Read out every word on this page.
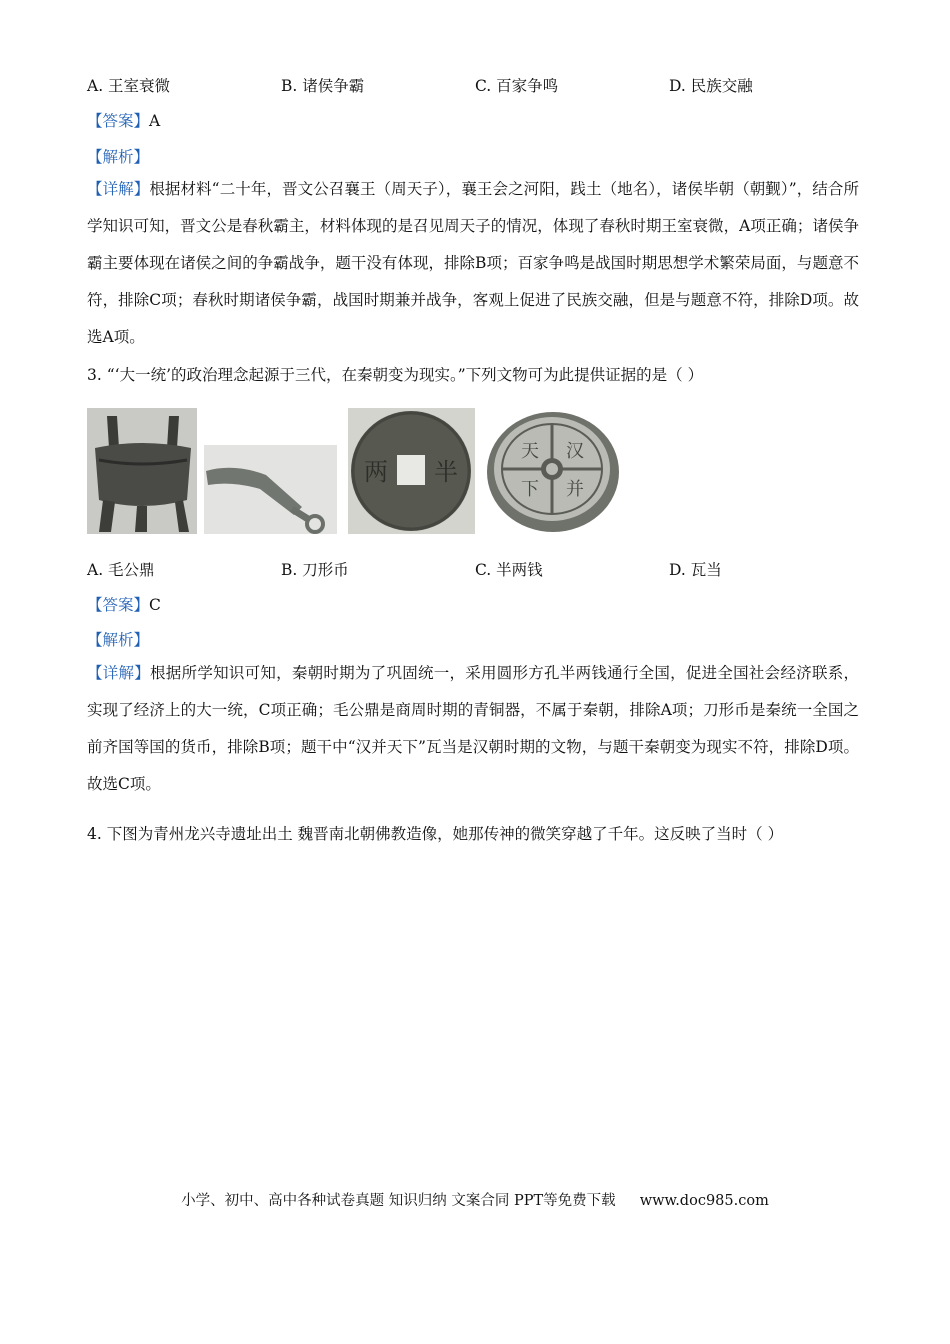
A. 王室衰微	B. 诸侯争霸	C. 百家争鸣	D. 民族交融
【答案】A
【解析】
【详解】根据材料“二十年，晋文公召襄王（周天子），襄王会之河阳，践土（地名），诸侯毕朝（朝觐）”，结合所学知识可知，晋文公是春秋霸主，材料体现的是召见周天子的情况，体现了春秋时期王室衰微，A项正确；诸侯争霸主要体现在诸侯之间的争霸战争，题干没有体现，排除B项；百家争鸣是战国时期思想学术繁荣局面，与题意不符，排除C项；春秋时期诸侯争霸，战国时期兼并战争，客观上促进了民族交融，但是与题意不符，排除D项。故选A项。
3. “‘大一统’的政治理念起源于三代，在秦朝变为现实。”下列文物可为此提供证据的是（ ）
半
两
天
下
汉
并
A. 毛公鼎	B. 刀形币	C. 半两钱	D. 瓦当
【答案】C
【解析】
【详解】根据所学知识可知，秦朝时期为了巩固统一，采用圆形方孔半两钱通行全国，促进全国社会经济联系，实现了经济上的大一统，C项正确；毛公鼎是商周时期的青铜器，不属于秦朝，排除A项；刀形币是秦统一全国之前齐国等国的货币，排除B项；题干中“汉并天下”瓦当是汉朝时期的文物，与题干秦朝变为现实不符，排除D项。故选C项。
4. 下图为青州龙兴寺遗址出土 魏晋南北朝佛教造像，她那传神的微笑穿越了千年。这反映了当时（ ）
小学、初中、高中各种试卷真题 知识归纳 文案合同 PPT等免费下载 www.doc985.com
